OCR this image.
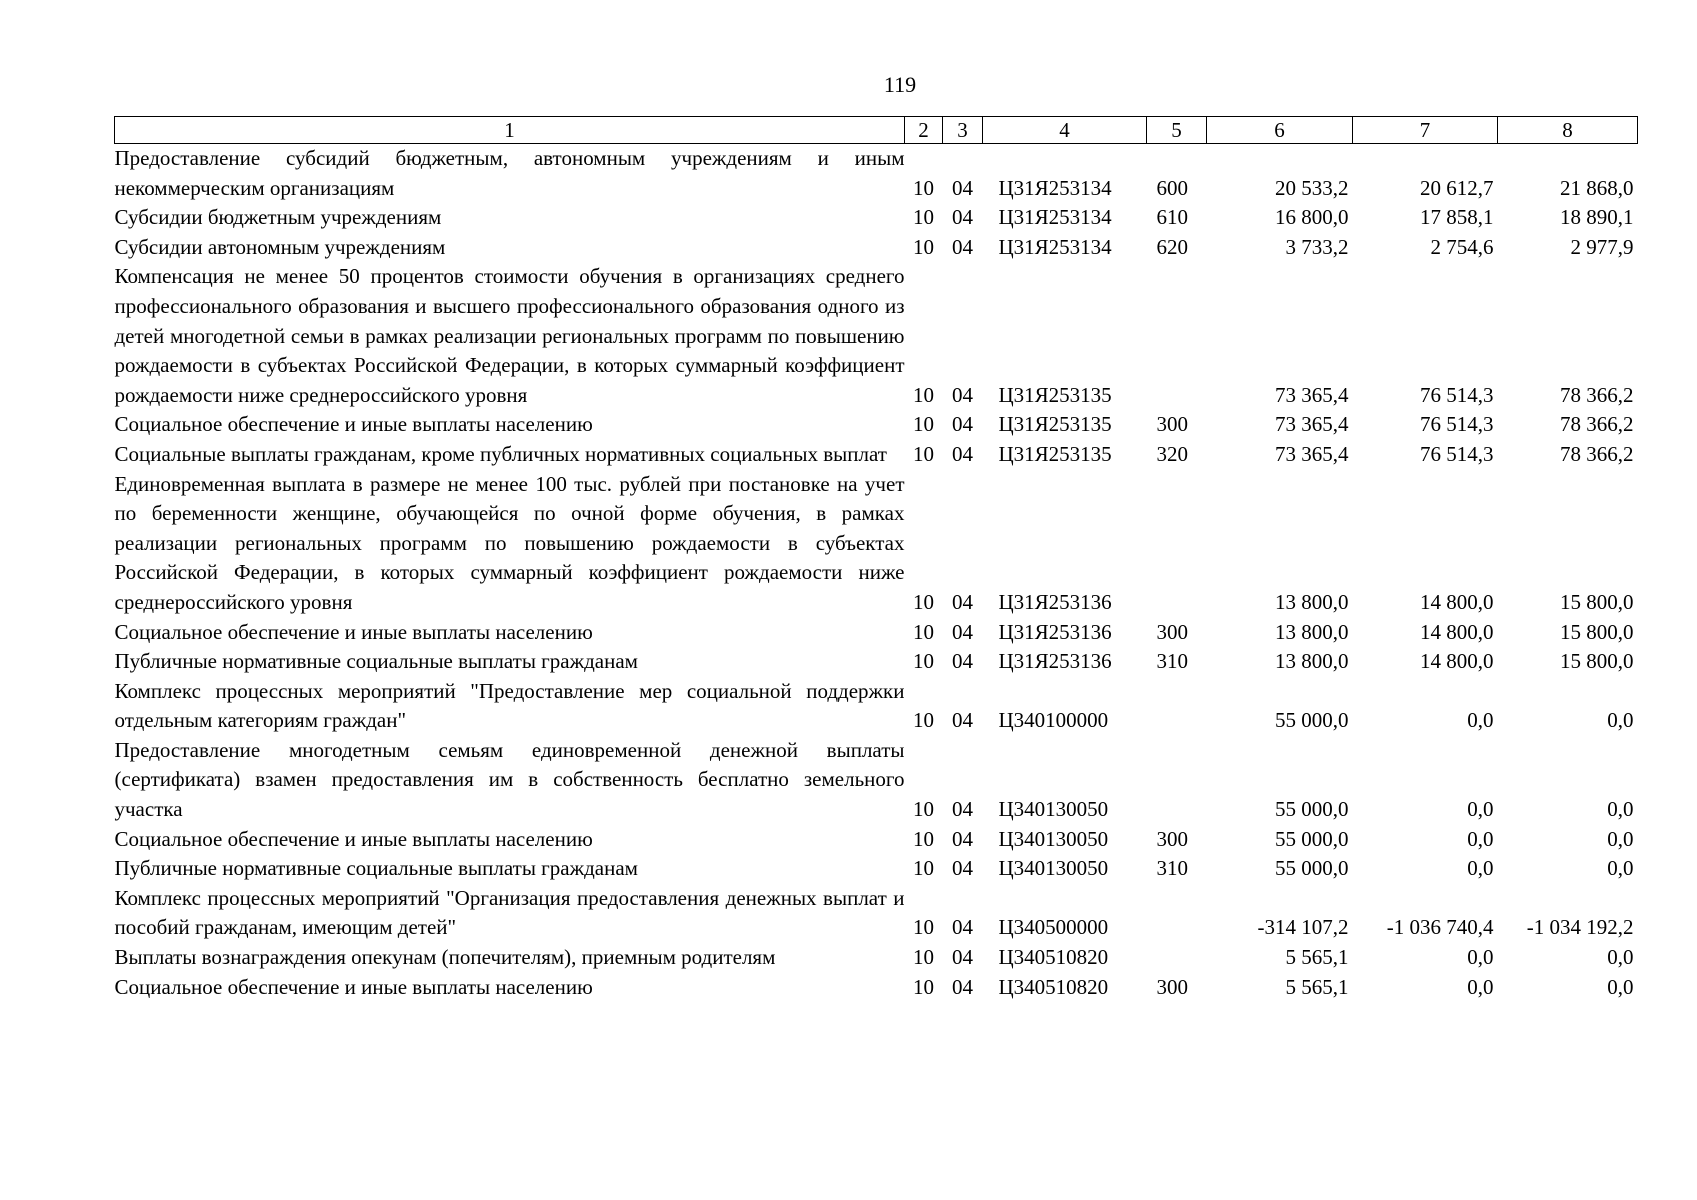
119
1	2	3	4	5	6	7	8
Предоставление субсидий бюджетным, автономным учреждениям и иным некоммерческим организациям	10	04	Ц31Я253134	600	20 533,2	20 612,7	21 868,0
Субсидии бюджетным учреждениям	10	04	Ц31Я253134	610	16 800,0	17 858,1	18 890,1
Субсидии автономным учреждениям	10	04	Ц31Я253134	620	3 733,2	2 754,6	2 977,9
Компенсация не менее 50 процентов стоимости обучения в организациях среднего профессионального образования и высшего профессионального образования одного из детей многодетной семьи в рамках реализации региональных программ по повышению рождаемости в субъектах Российской Федерации, в которых суммарный коэффициент рождаемости ниже среднероссийского уровня	10	04	Ц31Я253135		73 365,4	76 514,3	78 366,2
Социальное обеспечение и иные выплаты населению	10	04	Ц31Я253135	300	73 365,4	76 514,3	78 366,2
Социальные выплаты гражданам, кроме публичных нормативных социальных выплат	10	04	Ц31Я253135	320	73 365,4	76 514,3	78 366,2
Единовременная выплата в размере не менее 100 тыс. рублей при постановке на учет по беременности женщине, обучающейся по очной форме обучения, в рамках реализации региональных программ по повышению рождаемости в субъектах Российской Федерации, в которых суммарный коэффициент рождаемости ниже среднероссийского уровня	10	04	Ц31Я253136		13 800,0	14 800,0	15 800,0
Социальное обеспечение и иные выплаты населению	10	04	Ц31Я253136	300	13 800,0	14 800,0	15 800,0
Публичные нормативные социальные выплаты гражданам	10	04	Ц31Я253136	310	13 800,0	14 800,0	15 800,0
Комплекс процессных мероприятий "Предоставление мер социальной поддержки отдельным категориям граждан"	10	04	Ц340100000		55 000,0	0,0	0,0
Предоставление многодетным семьям единовременной денежной выплаты (сертификата) взамен предоставления им в собственность бесплатно земельного участка	10	04	Ц340130050		55 000,0	0,0	0,0
Социальное обеспечение и иные выплаты населению	10	04	Ц340130050	300	55 000,0	0,0	0,0
Публичные нормативные социальные выплаты гражданам	10	04	Ц340130050	310	55 000,0	0,0	0,0
Комплекс процессных мероприятий "Организация предоставления денежных выплат и пособий гражданам, имеющим детей"	10	04	Ц340500000		-314 107,2	-1 036 740,4	-1 034 192,2
Выплаты вознаграждения опекунам (попечителям), приемным родителям	10	04	Ц340510820		5 565,1	0,0	0,0
Социальное обеспечение и иные выплаты населению	10	04	Ц340510820	300	5 565,1	0,0	0,0
